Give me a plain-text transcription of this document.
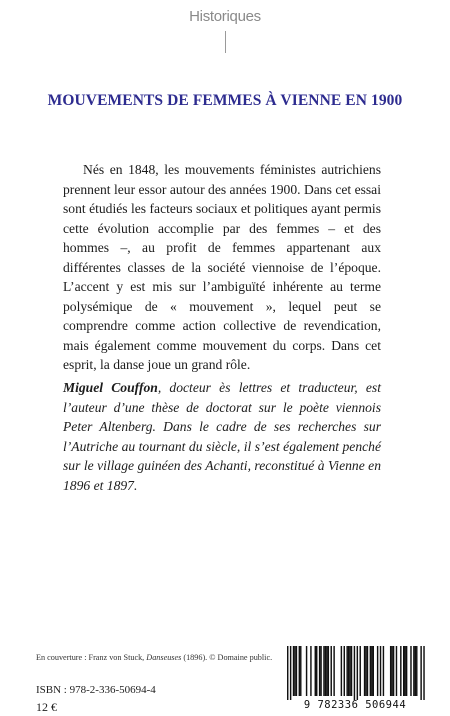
Historiques
MOUVEMENTS DE FEMMES À VIENNE EN 1900

Nés en 1848, les mouvements féministes autrichiens prennent leur essor autour des années 1900. Dans cet essai sont étudiés les facteurs sociaux et politiques ayant permis cette évolution accomplie par des femmes – et des hommes –, au profit de femmes appartenant aux différentes classes de la société viennoise de l’époque. L’accent y est mis sur l’ambiguïté inhérente au terme polysémique de « mouvement », lequel peut se comprendre comme action collective de revendication, mais également comme mouvement du corps. Dans cet esprit, la danse joue un grand rôle.

Miguel Couffon, docteur ès lettres et traducteur, est l’auteur d’une thèse de doctorat sur le poète viennois Peter Altenberg. Dans le cadre de ses recherches sur l’Autriche au tournant du siècle, il s’est également penché sur le village guinéen des Achanti, reconstitué à Vienne en 1896 et 1897.

En couverture : Franz von Stuck, Danseuses (1896). © Domaine public.
ISBN : 978-2-336-50694-4
12 €	9 782336 506944
